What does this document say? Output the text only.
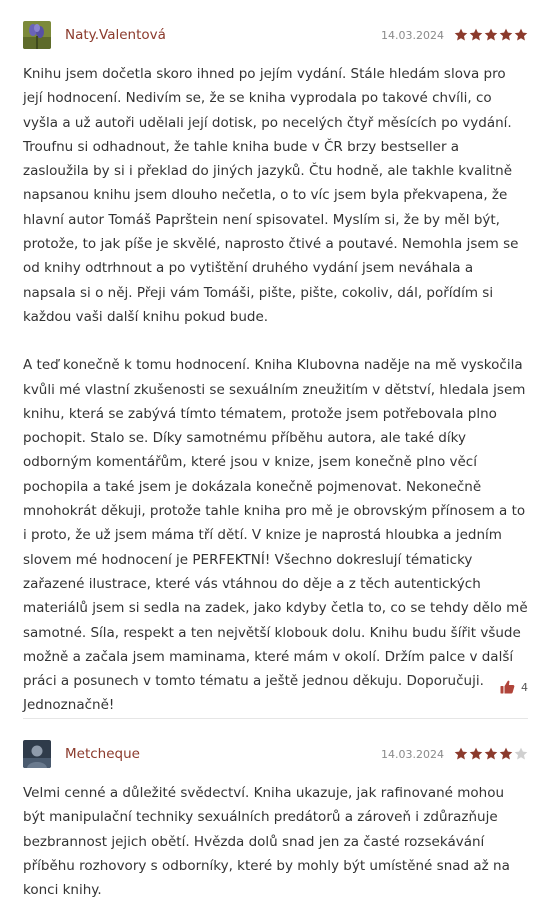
Naty.Valentová	14.03.2024

Knihu jsem dočetla skoro ihned po jejím vydání. Stále hledám slova pro její hodnocení. Nedivím se, že se kniha vyprodala po takové chvíli, co vyšla a už autoři udělali její dotisk, po necelých čtyř měsících po vydání. Troufnu si odhadnout, že tahle kniha bude v ČR brzy bestseller a zasloužila by si i překlad do jiných jazyků. Čtu hodně, ale takhle kvalitně napsanou knihu jsem dlouho nečetla, o to víc jsem byla překvapena, že hlavní autor Tomáš Paprštein není spisovatel. Myslím si, že by měl být, protože, to jak píše je skvělé, naprosto čtivé a poutavé. Nemohla jsem se od knihy odtrhnout a po vytištění druhého vydání jsem neváhala a napsala si o něj. Přeji vám Tomáši, pište, pište, cokoliv, dál, pořídím si každou vaši další knihu pokud bude.

A teď konečně k tomu hodnocení. Kniha Klubovna naděje na mě vyskočila kvůli mé vlastní zkušenosti se sexuálním zneužitím v dětství, hledala jsem knihu, která se zabývá tímto tématem, protože jsem potřebovala plno pochopit. Stalo se. Díky samotnému příběhu autora, ale také díky odborným komentářům, které jsou v knize, jsem konečně plno věcí pochopila a také jsem je dokázala konečně pojmenovat. Nekonečně mnohokrát děkuji, protože tahle kniha pro mě je obrovským přínosem a to i proto, že už jsem máma tří dětí. V knize je naprostá hloubka a jedním slovem mé hodnocení je PERFEKTNÍ! Všechno dokreslují tématicky zařazené ilustrace, které vás vtáhnou do děje a z těch autentických materiálů jsem si sedla na zadek, jako kdyby četla to, co se tehdy dělo mě samotné. Síla, respekt a ten největší klobouk dolu. Knihu budu šířit všude možně a začala jsem maminama, které mám v okolí. Držím palce v další práci a posunech v tomto tématu a ještě jednou děkuju. Doporučuji. Jednoznačně!

4
Metcheque	14.03.2024

Velmi cenné a důležité svědectví. Kniha ukazuje, jak rafinované mohou být manipulační techniky sexuálních predátorů a zároveň i zdůrazňuje bezbrannost jejich obětí. Hvězda dolů snad jen za časté rozsekávání příběhu rozhovory s odborníky, které by mohly být umístěné snad až na konci knihy.
